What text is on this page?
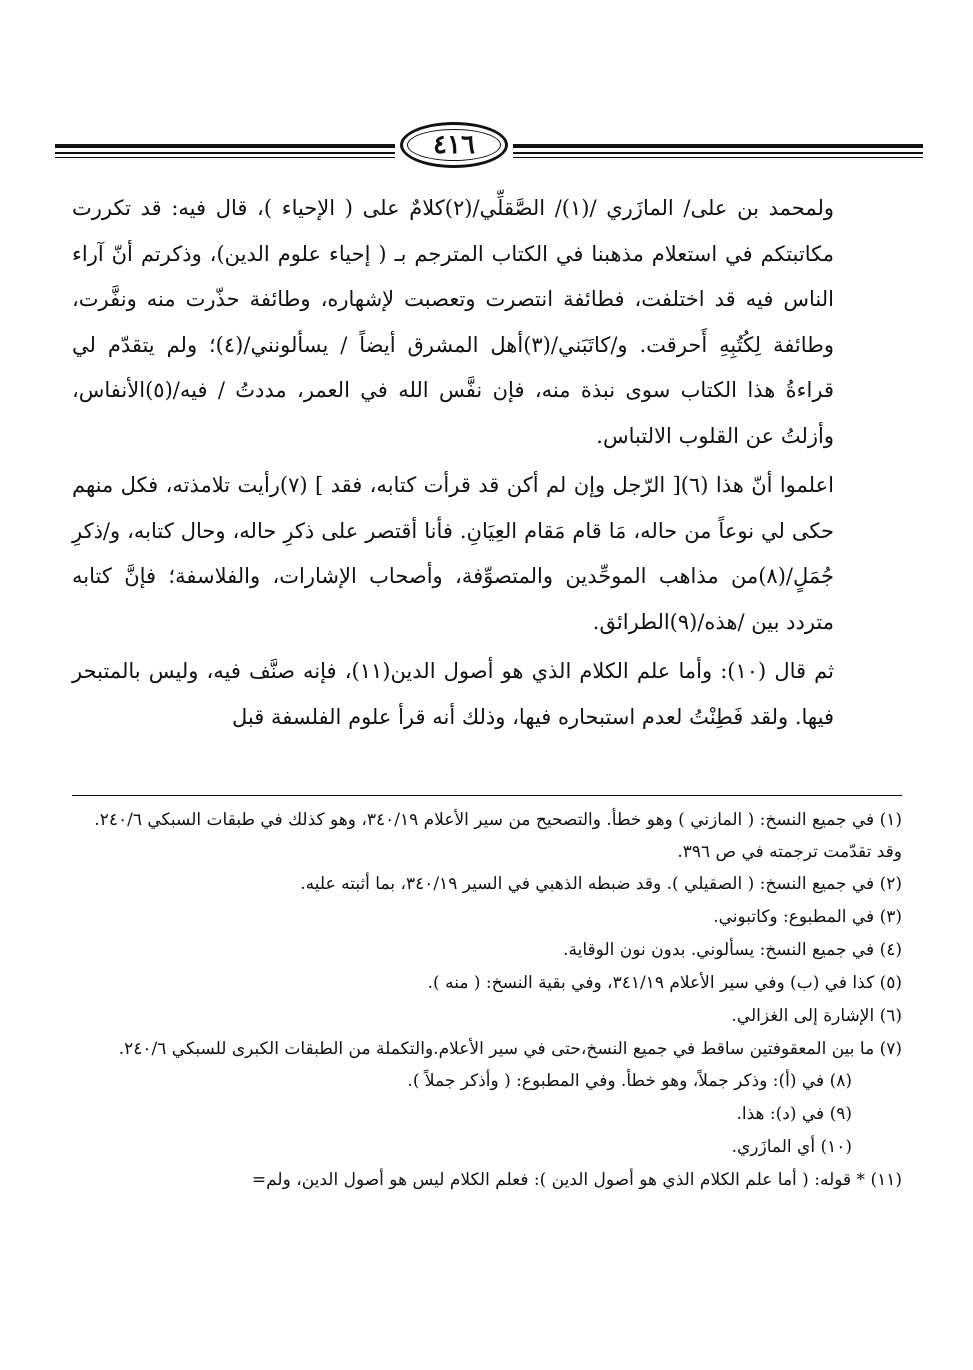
٤١٦

ولمحمد بن على/ المازَري /(١)/ الصَّقلِّي/(٢)كلامٌ على ( الإحياء )، قال فيه: قد تكررت مكاتبتكم في استعلام مذهبنا في الكتاب المترجم بـ ( إحياء علوم الدين)، وذكرتم أنّ آراء الناس فيه قد اختلفت، فطائفة انتصرت وتعصبت لإشهاره، وطائفة حذّرت منه ونفَّرت، وطائفة لِكُتُبِهِ أَحرقت. و/كاتَبَني/(٣)أهل المشرق أيضاً / يسألونني/(٤)؛ ولم يتقدّم لي قراءةُ هذا الكتاب سوى نبذة منه، فإن نفَّس الله في العمر، مددتُ / فيه/(٥)الأنفاس، وأزلتُ عن القلوب الالتباس.

اعلموا أنّ هذا (٦)[ الرّجل وإن لم أكن قد قرأت كتابه، فقد ] (٧)رأيت تلامذته، فكل منهم حكى لي نوعاً من حاله، مَا قام مَقام العِيَانِ. فأنا أقتصر على ذكرِ حاله، وحال كتابه، و/ذكرِ جُمَلٍ/(٨)من مذاهب الموحِّدين والمتصوِّفة، وأصحاب الإشارات، والفلاسفة؛ فإنَّ كتابه متردد بين /هذه/(٩)الطرائق.

ثم قال (١٠): وأما علم الكلام الذي هو أصول الدين(١١)، فإنه صنَّف فيه، وليس بالمتبحر فيها. ولقد فَطِنْتُ لعدم استبحاره فيها، وذلك أنه قرأ علوم الفلسفة قبل

(١) في جميع النسخ: ( المازني ) وهو خطأ. والتصحيح من سير الأعلام ٣٤٠/١٩، وهو كذلك في طبقات السبكي ٢٤٠/٦. وقد تقدّمت ترجمته في ص ٣٩٦.

(٢) في جميع النسخ: ( الصقيلي ). وقد ضبطه الذهبي في السير ٣٤٠/١٩، بما أثبته عليه.

(٣) في المطبوع: وكاتبوني.

(٤) في جميع النسخ: يسألوني. بدون نون الوقاية.

(٥) كذا في (ب) وفي سير الأعلام ٣٤١/١٩، وفي بقية النسخ: ( منه ).

(٦) الإشارة إلى الغزالي.

(٧) ما بين المعقوفتين ساقط في جميع النسخ،حتى في سير الأعلام.والتكملة من الطبقات الكبرى للسبكي ٢٤٠/٦.

(٨) في (أ): وذكر جملاً، وهو خطأ. وفي المطبوع: ( وأذكر جملاً ).

(٩) في (د): هذا.

(١٠) أي المازَري.

(١١) * قوله: ( أما علم الكلام الذي هو أصول الدين ): فعلم الكلام ليس هو أصول الدين، ولم=
